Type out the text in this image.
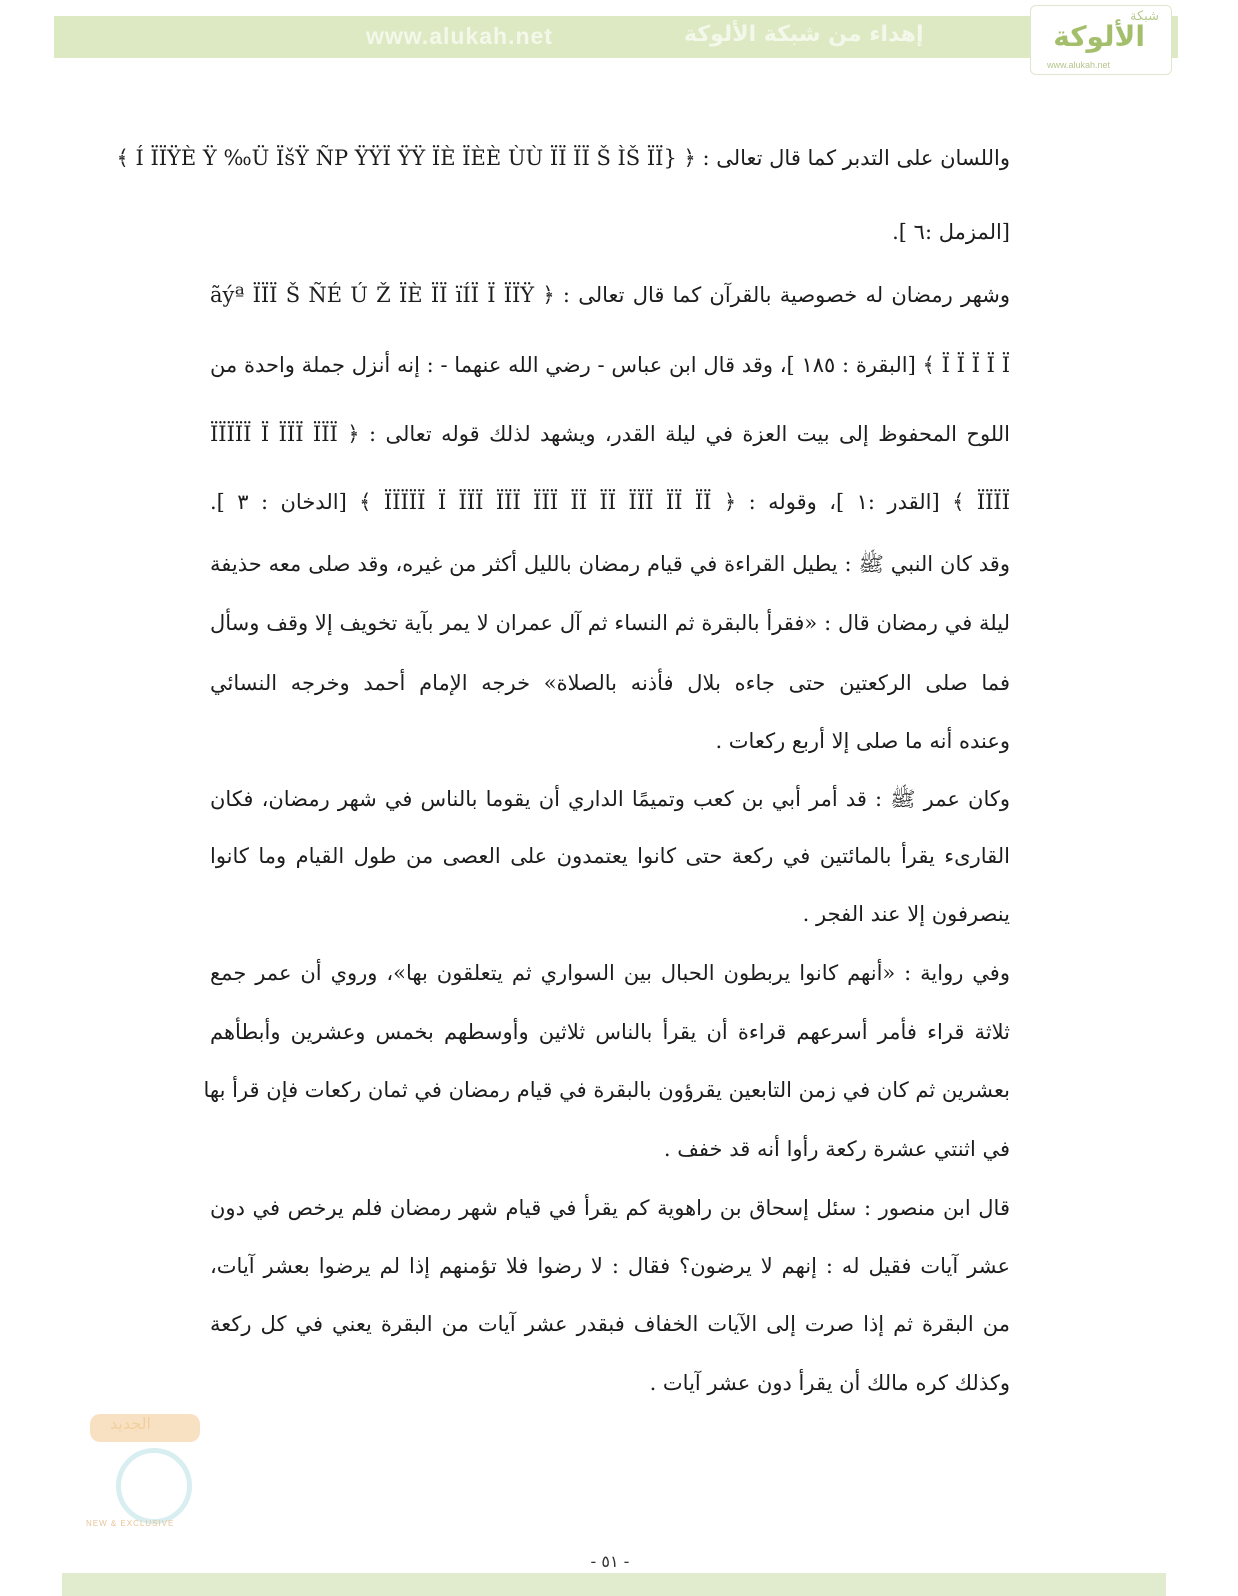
www.alukah.net	إهداء من شبكة الألوكة
شبكة
الألوكة
www.alukah.net
واللسان على التدبر كما قال تعالى : ﴿ {Í ÏÏŸÈ Ÿ ‰Ü ÏšŸ ÑP ŸŸÏ ŸŸ ÏÈ ÏÈÈ ÙÙ ÏÏ ÏÏ Š ÌŠ ÏÏ ﴾
[المزمل :٦ ].
وشهر رمضان له خصوصية بالقرآن كما قال تعالى : ﴿ ãýª ÏÏÏ Š ÑÉ Ú Ž ÏÈ ÏÏ ïÍÏ Ï ÏÏŸ
Ï Ï Ï Ï Ï ﴾ [البقرة : ١٨٥ ]، وقد قال ابن عباس - رضي الله عنهما - : إنه أنزل جملة واحدة من
اللوح المحفوظ إلى بيت العزة في ليلة القدر، ويشهد لذلك قوله تعالى : ﴿ ÏÏÏÏÏ Ï ÏÏÏ ÏÏÏ
ÏÏÏÏ ﴾ [القدر :١ ]، وقوله : ﴿ ÏÏÏÏÏ Ï ÏÏÏ ÏÏÏ ÏÏÏ ÏÏ ÏÏ ÏÏÏ ÏÏ ÏÏ ﴾ [الدخان : ٣ ].
وقد كان النبي ﷺ : يطيل القراءة في قيام رمضان بالليل أكثر من غيره، وقد صلى معه حذيفة
ليلة في رمضان قال : «فقرأ بالبقرة ثم النساء ثم آل عمران لا يمر بآية تخويف إلا وقف وسأل
فما صلى الركعتين حتى جاءه بلال فأذنه بالصلاة» خرجه الإمام أحمد وخرجه النسائي
وعنده أنه ما صلى إلا أربع ركعات .
وكان عمر ﷺ : قد أمر أبي بن كعب وتميمًا الداري أن يقوما بالناس في شهر رمضان، فكان
القارىء يقرأ بالمائتين في ركعة حتى كانوا يعتمدون على العصى من طول القيام وما كانوا
ينصرفون إلا عند الفجر .
وفي رواية : «أنهم كانوا يربطون الحبال بين السواري ثم يتعلقون بها»، وروي أن عمر جمع
ثلاثة قراء فأمر أسرعهم قراءة أن يقرأ بالناس ثلاثين وأوسطهم بخمس وعشرين وأبطأهم
بعشرين ثم كان في زمن التابعين يقرؤون بالبقرة في قيام رمضان في ثمان ركعات فإن قرأ بها
في اثنتي عشرة ركعة رأوا أنه قد خفف .
قال ابن منصور : سئل إسحاق بن راهوية كم يقرأ في قيام شهر رمضان فلم يرخص في دون
عشر آيات فقيل له : إنهم لا يرضون؟ فقال : لا رضوا فلا تؤمنهم إذا لم يرضوا بعشر آيات،
من البقرة ثم إذا صرت إلى الآيات الخفاف فبقدر عشر آيات من البقرة يعني في كل ركعة
وكذلك كره مالك أن يقرأ دون عشر آيات .
الجديد
NEW & EXCLUSIVE
- ٥١ -
